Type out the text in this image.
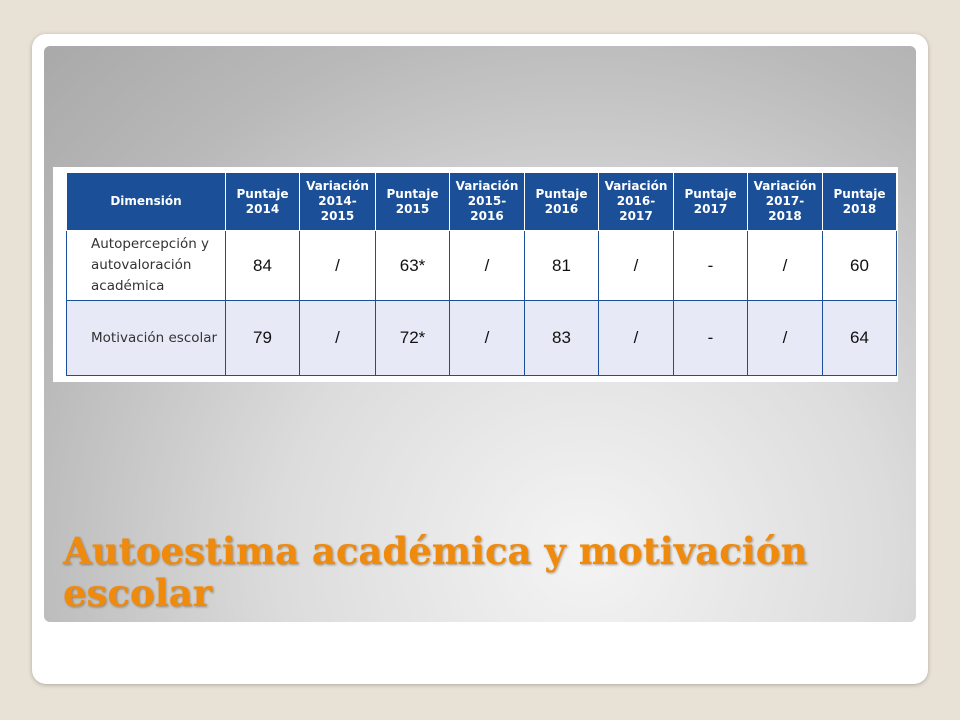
Dimensión	Puntaje 2014	Variación 2014-2015	Puntaje 2015	Variación 2015-2016	Puntaje 2016	Variación 2016-2017	Puntaje 2017	Variación 2017-2018	Puntaje 2018
Autopercepción y autovaloración académica	84	/	63*	/	81	/	-	/	60
Motivación escolar	79	/	72*	/	83	/	-	/	64
Autoestima académica y motivación escolar
